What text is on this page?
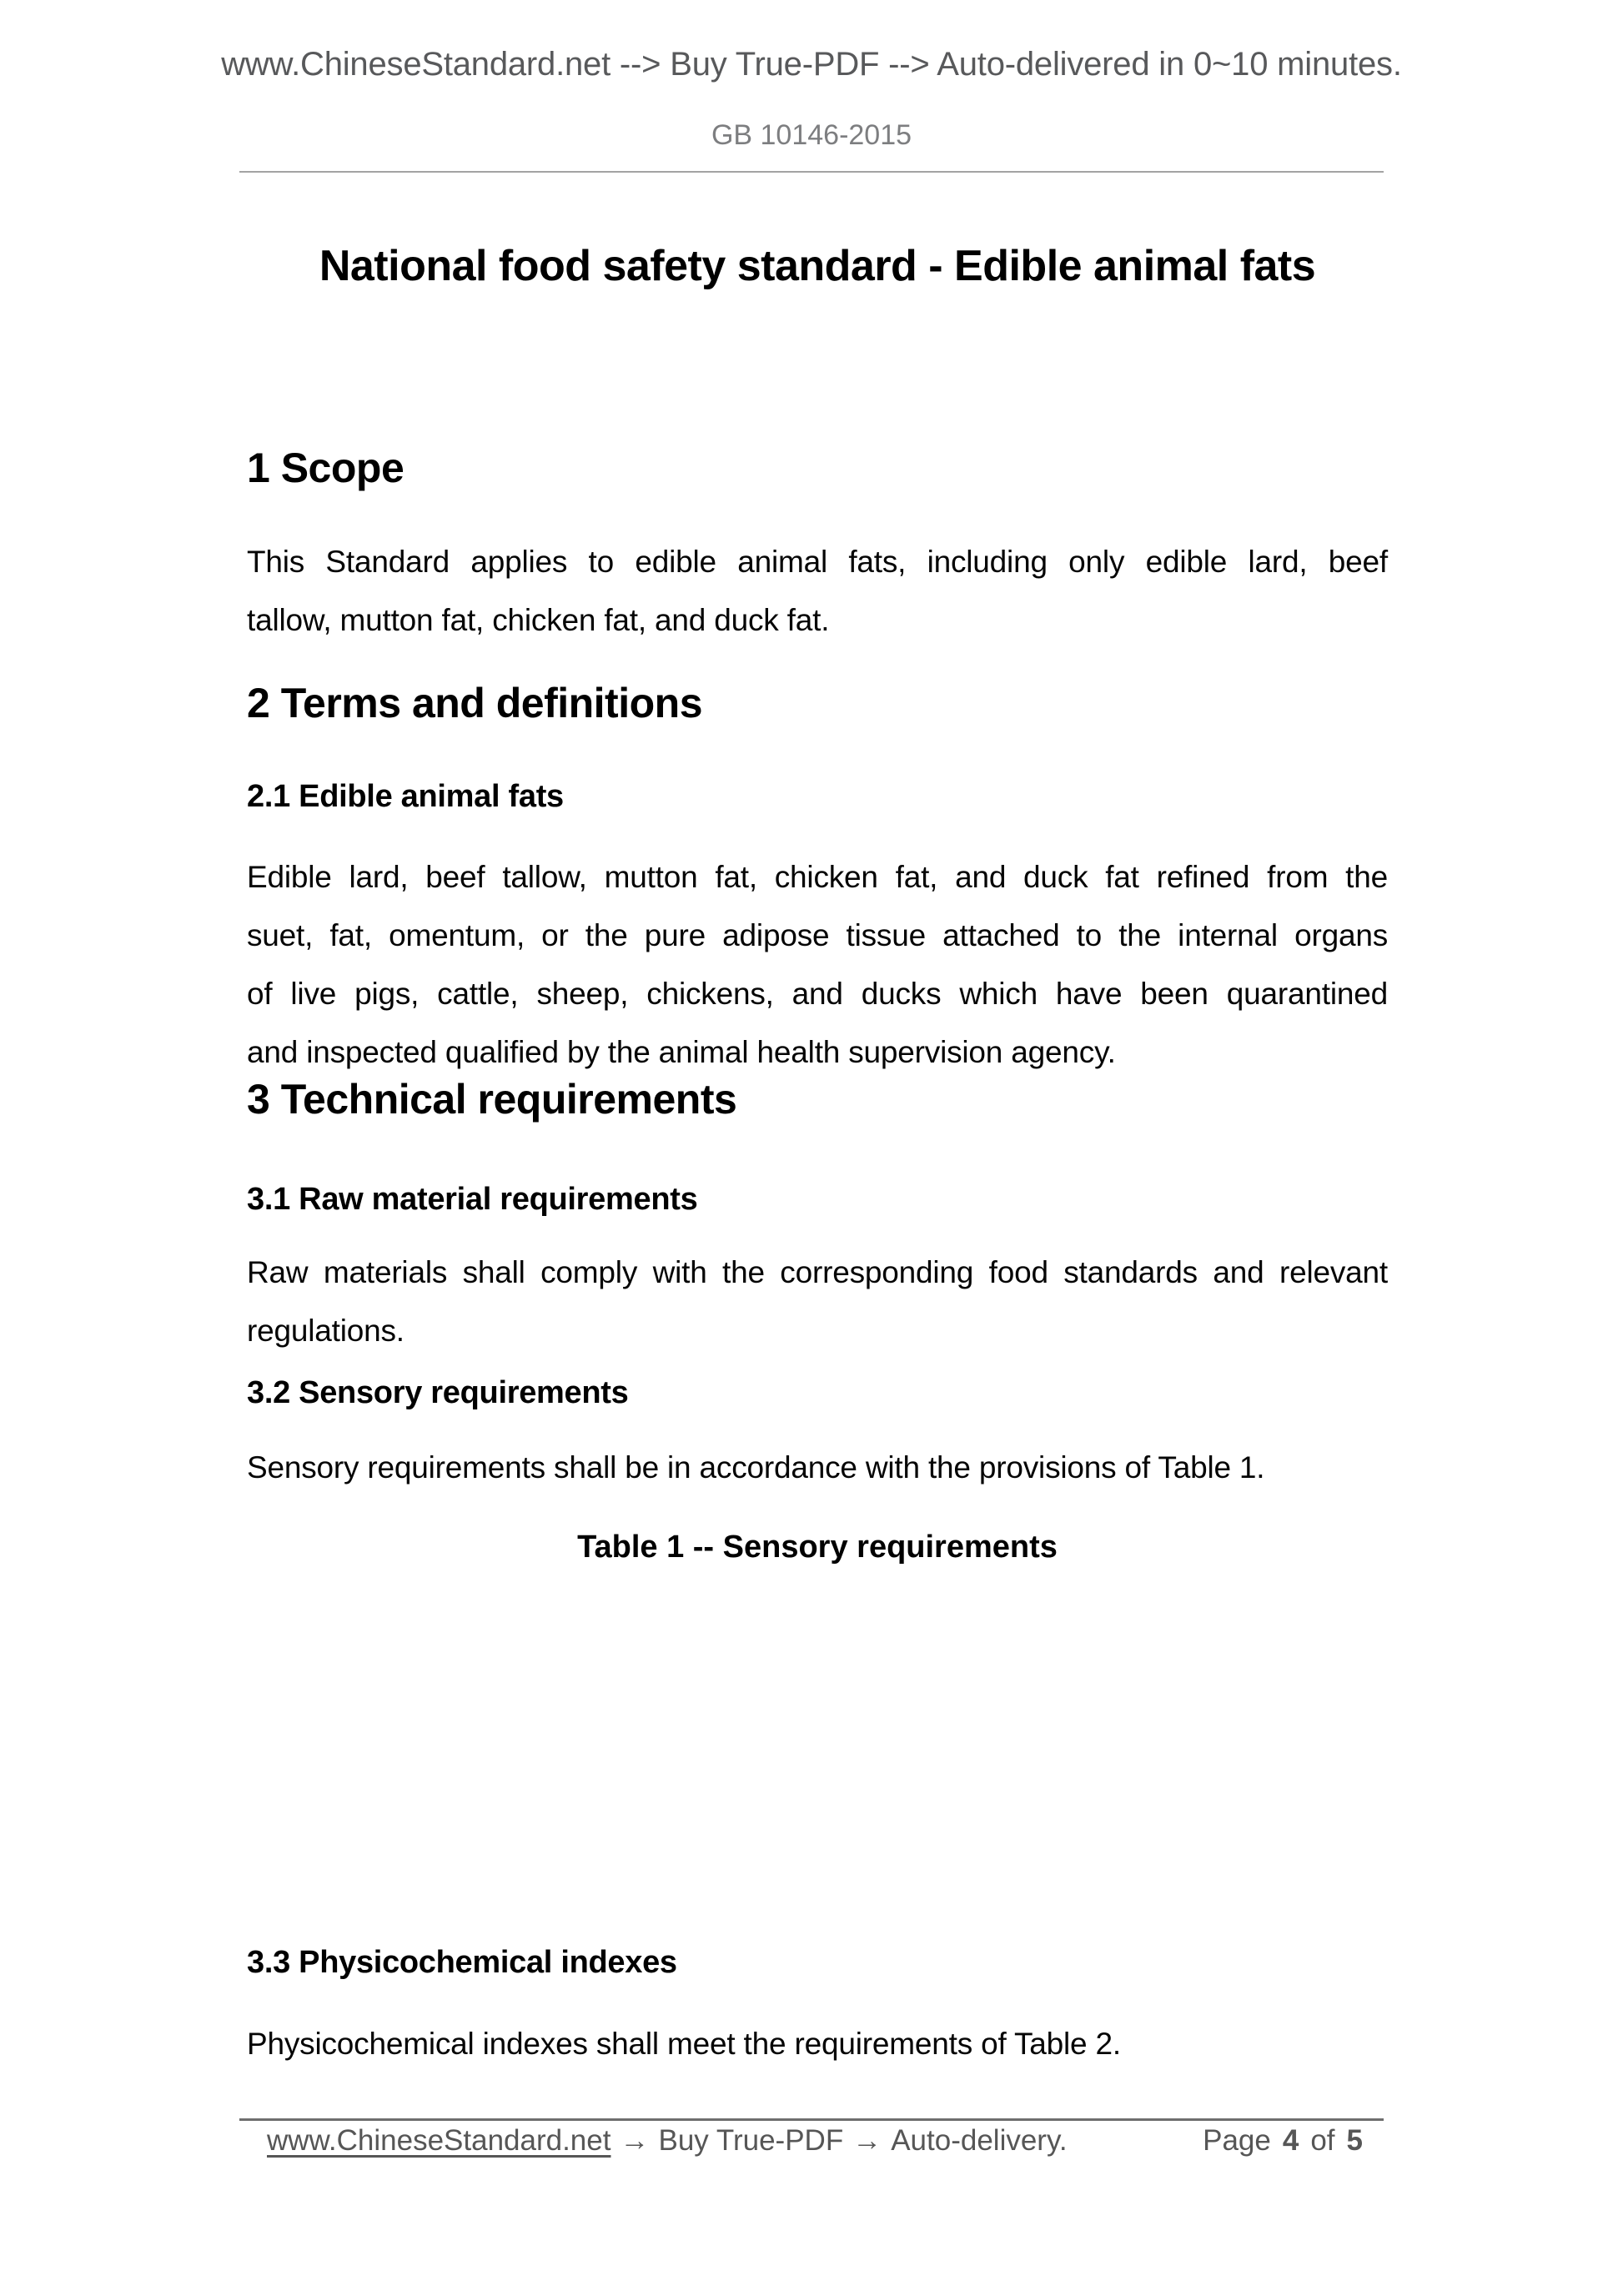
www.ChineseStandard.net --> Buy True-PDF --> Auto-delivered in 0~10 minutes.
GB 10146-2015
National food safety standard - Edible animal fats
1 Scope
This Standard applies to edible animal fats, including only edible lard, beef
tallow, mutton fat, chicken fat, and duck fat.
2 Terms and definitions
2.1 Edible animal fats
Edible lard, beef tallow, mutton fat, chicken fat, and duck fat refined from the
suet, fat, omentum, or the pure adipose tissue attached to the internal organs
of live pigs, cattle, sheep, chickens, and ducks which have been quarantined
and inspected qualified by the animal health supervision agency.
3 Technical requirements
3.1 Raw material requirements
Raw materials shall comply with the corresponding food standards and relevant
regulations.
3.2 Sensory requirements
Sensory requirements shall be in accordance with the provisions of Table 1.
Table 1 -- Sensory requirements
3.3 Physicochemical indexes
Physicochemical indexes shall meet the requirements of Table 2.
www.ChineseStandard.net → Buy True-PDF → Auto-delivery.	Page 4 of 5
